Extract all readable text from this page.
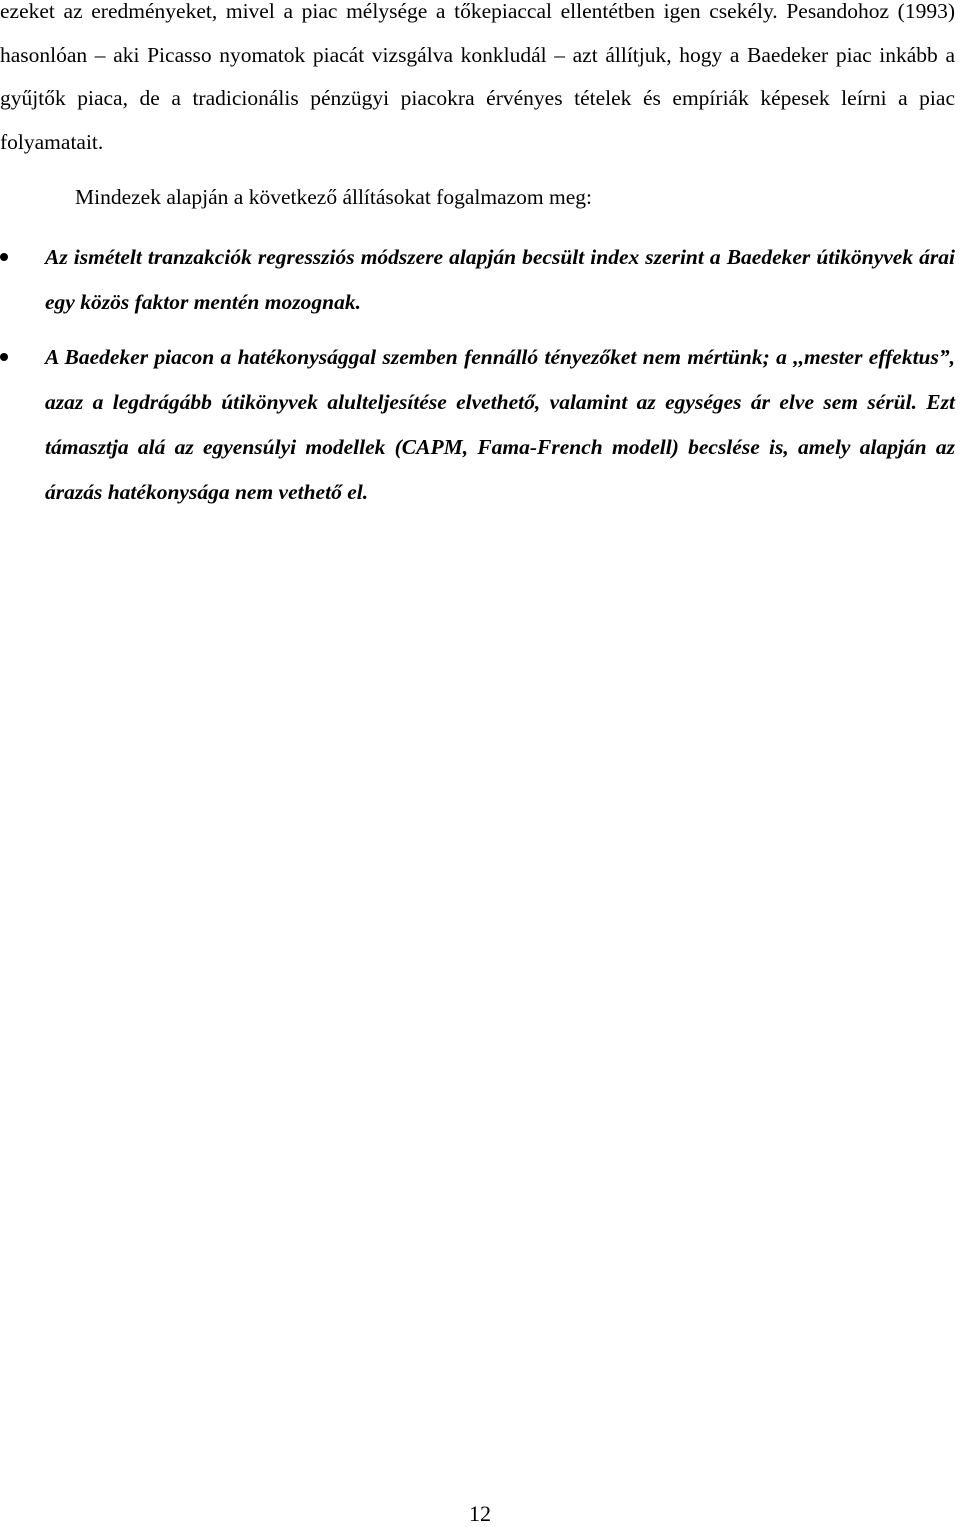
ezeket az eredményeket, mivel a piac mélysége a tőkepiaccal ellentétben igen csekély. Pesandohoz (1993) hasonlóan – aki Picasso nyomatok piacát vizsgálva konkludál – azt állítjuk, hogy a Baedeker piac inkább a gyűjtők piaca, de a tradicionális pénzügyi piacokra érvényes tételek és empíriák képesek leírni a piac folyamatait.

Mindezek alapján a következő állításokat fogalmazom meg:

Az ismételt tranzakciók regressziós módszere alapján becsült index szerint a Baedeker útikönyvek árai egy közös faktor mentén mozognak.

A Baedeker piacon a hatékonysággal szemben fennálló tényezőket nem mértünk; a ,,mester effektus”, azaz a legdrágább útikönyvek alulteljesítése elvethető, valamint az egységes ár elve sem sérül. Ezt támasztja alá az egyensúlyi modellek (CAPM, Fama-French modell) becslése is, amely alapján az árazás hatékonysága nem vethető el.

12
